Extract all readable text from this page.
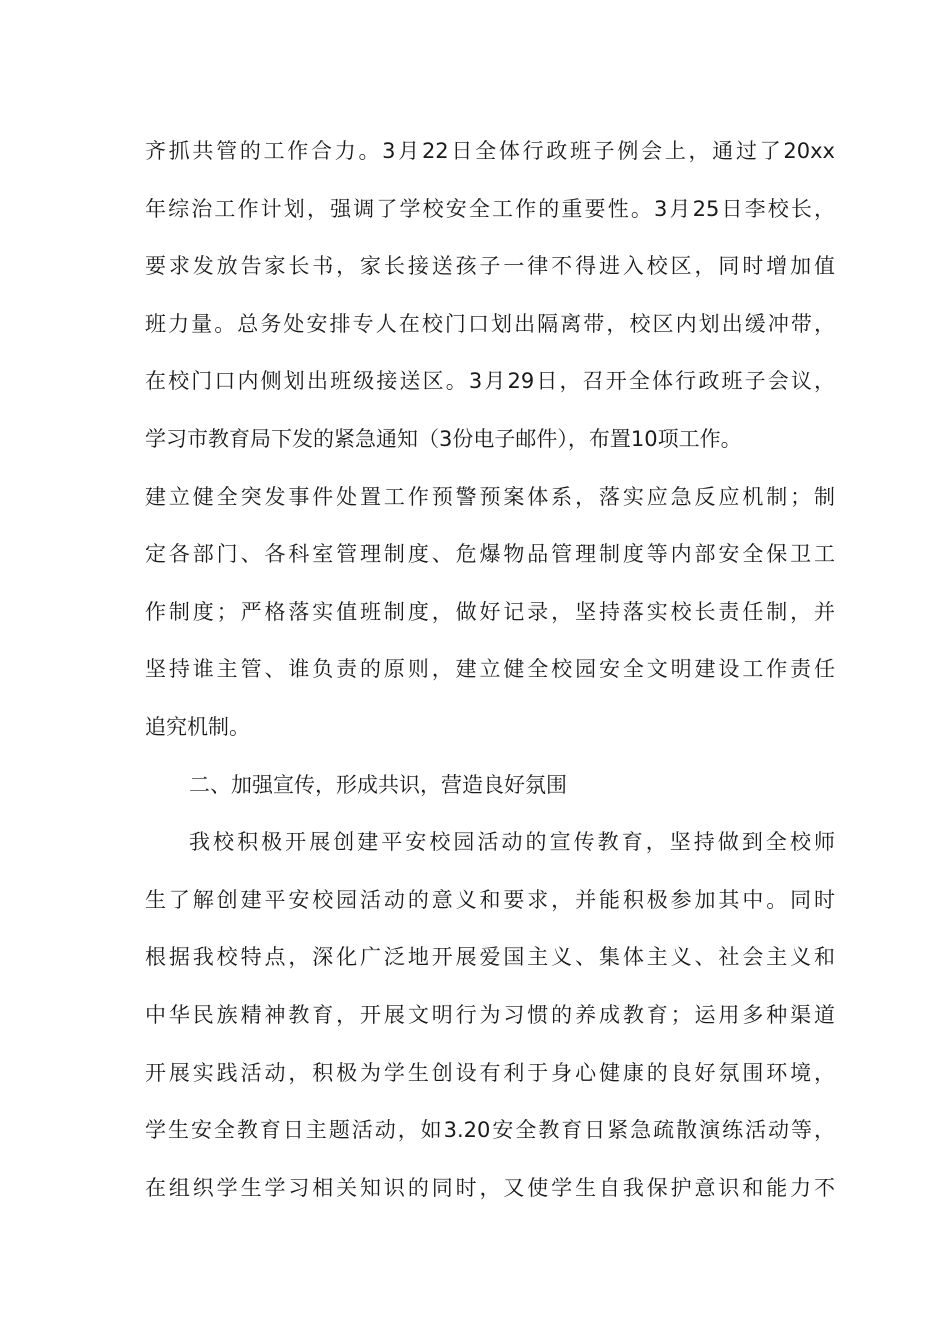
齐抓共管的工作合力。3月22日全体行政班子例会上，通过了20xx
年综治工作计划，强调了学校安全工作的重要性。3月25日李校长，
要求发放告家长书，家长接送孩子一律不得进入校区，同时增加值
班力量。总务处安排专人在校门口划出隔离带，校区内划出缓冲带，
在校门口内侧划出班级接送区。3月29日，召开全体行政班子会议，
学习市教育局下发的紧急通知（3份电子邮件），布置10项工作。
建立健全突发事件处置工作预警预案体系，落实应急反应机制；制
定各部门、各科室管理制度、危爆物品管理制度等内部安全保卫工
作制度；严格落实值班制度，做好记录，坚持落实校长责任制，并
坚持谁主管、谁负责的原则，建立健全校园安全文明建设工作责任
追究机制。
二、加强宣传，形成共识，营造良好氛围
我校积极开展创建平安校园活动的宣传教育，坚持做到全校师
生了解创建平安校园活动的意义和要求，并能积极参加其中。同时
根据我校特点，深化广泛地开展爱国主义、集体主义、社会主义和
中华民族精神教育，开展文明行为习惯的养成教育；运用多种渠道
开展实践活动，积极为学生创设有利于身心健康的良好氛围环境，
学生安全教育日主题活动，如3.20安全教育日紧急疏散演练活动等，
在组织学生学习相关知识的同时，又使学生自我保护意识和能力不
